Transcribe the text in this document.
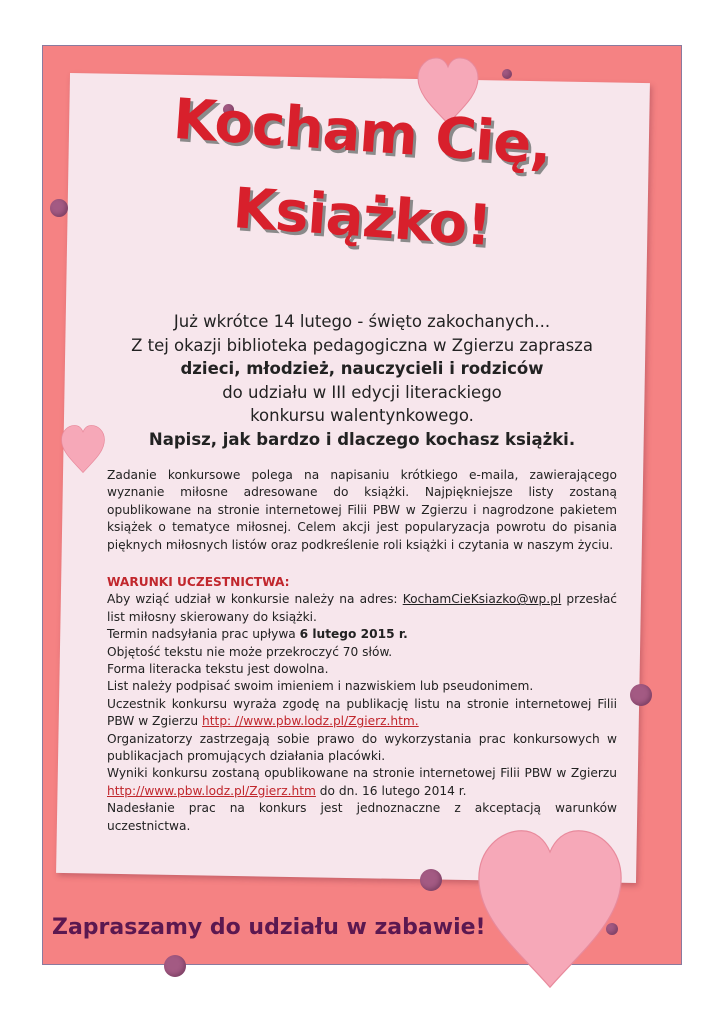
Kocham Cię,
Książko!
Już wkrótce 14 lutego - święto zakochanych...
Z tej okazji biblioteka pedagogiczna w Zgierzu zaprasza
dzieci, młodzież, nauczycieli i rodziców
do udziału w III edycji literackiego
konkursu walentynkowego.
Napisz, jak bardzo i dlaczego kochasz książki.
Zadanie konkursowe polega na napisaniu krótkiego e-maila, zawierającego wyznanie miłosne adresowane do książki. Najpiękniejsze listy zostaną opublikowane na stronie internetowej Filii PBW w Zgierzu i nagrodzone pakietem książek o tematyce miłosnej. Celem akcji jest popularyzacja powrotu do pisania pięknych miłosnych listów oraz podkreślenie roli książki i czytania w naszym życiu.

WARUNKI UCZESTNICTWA:

Aby wziąć udział w konkursie należy na adres: KochamCieKsiazko@wp.pl przesłać list miłosny skierowany do książki.

Termin nadsyłania prac upływa 6 lutego 2015 r.

Objętość tekstu nie może przekroczyć 70 słów.

Forma literacka tekstu jest dowolna.

List należy podpisać swoim imieniem i nazwiskiem lub pseudonimem.

Uczestnik konkursu wyraża zgodę na publikację listu na stronie internetowej Filii PBW w Zgierzu http: //www.pbw.lodz.pl/Zgierz.htm.

Organizatorzy zastrzegają sobie prawo do wykorzystania prac konkursowych w publikacjach promujących działania placówki.

Wyniki konkursu zostaną opublikowane na stronie internetowej Filii PBW w Zgierzu http://www.pbw.lodz.pl/Zgierz.htm do dn. 16 lutego 2014 r.

Nadesłanie prac na konkurs jest jednoznaczne z akceptacją warunków uczestnictwa.

Zapraszamy do udziału w zabawie!
